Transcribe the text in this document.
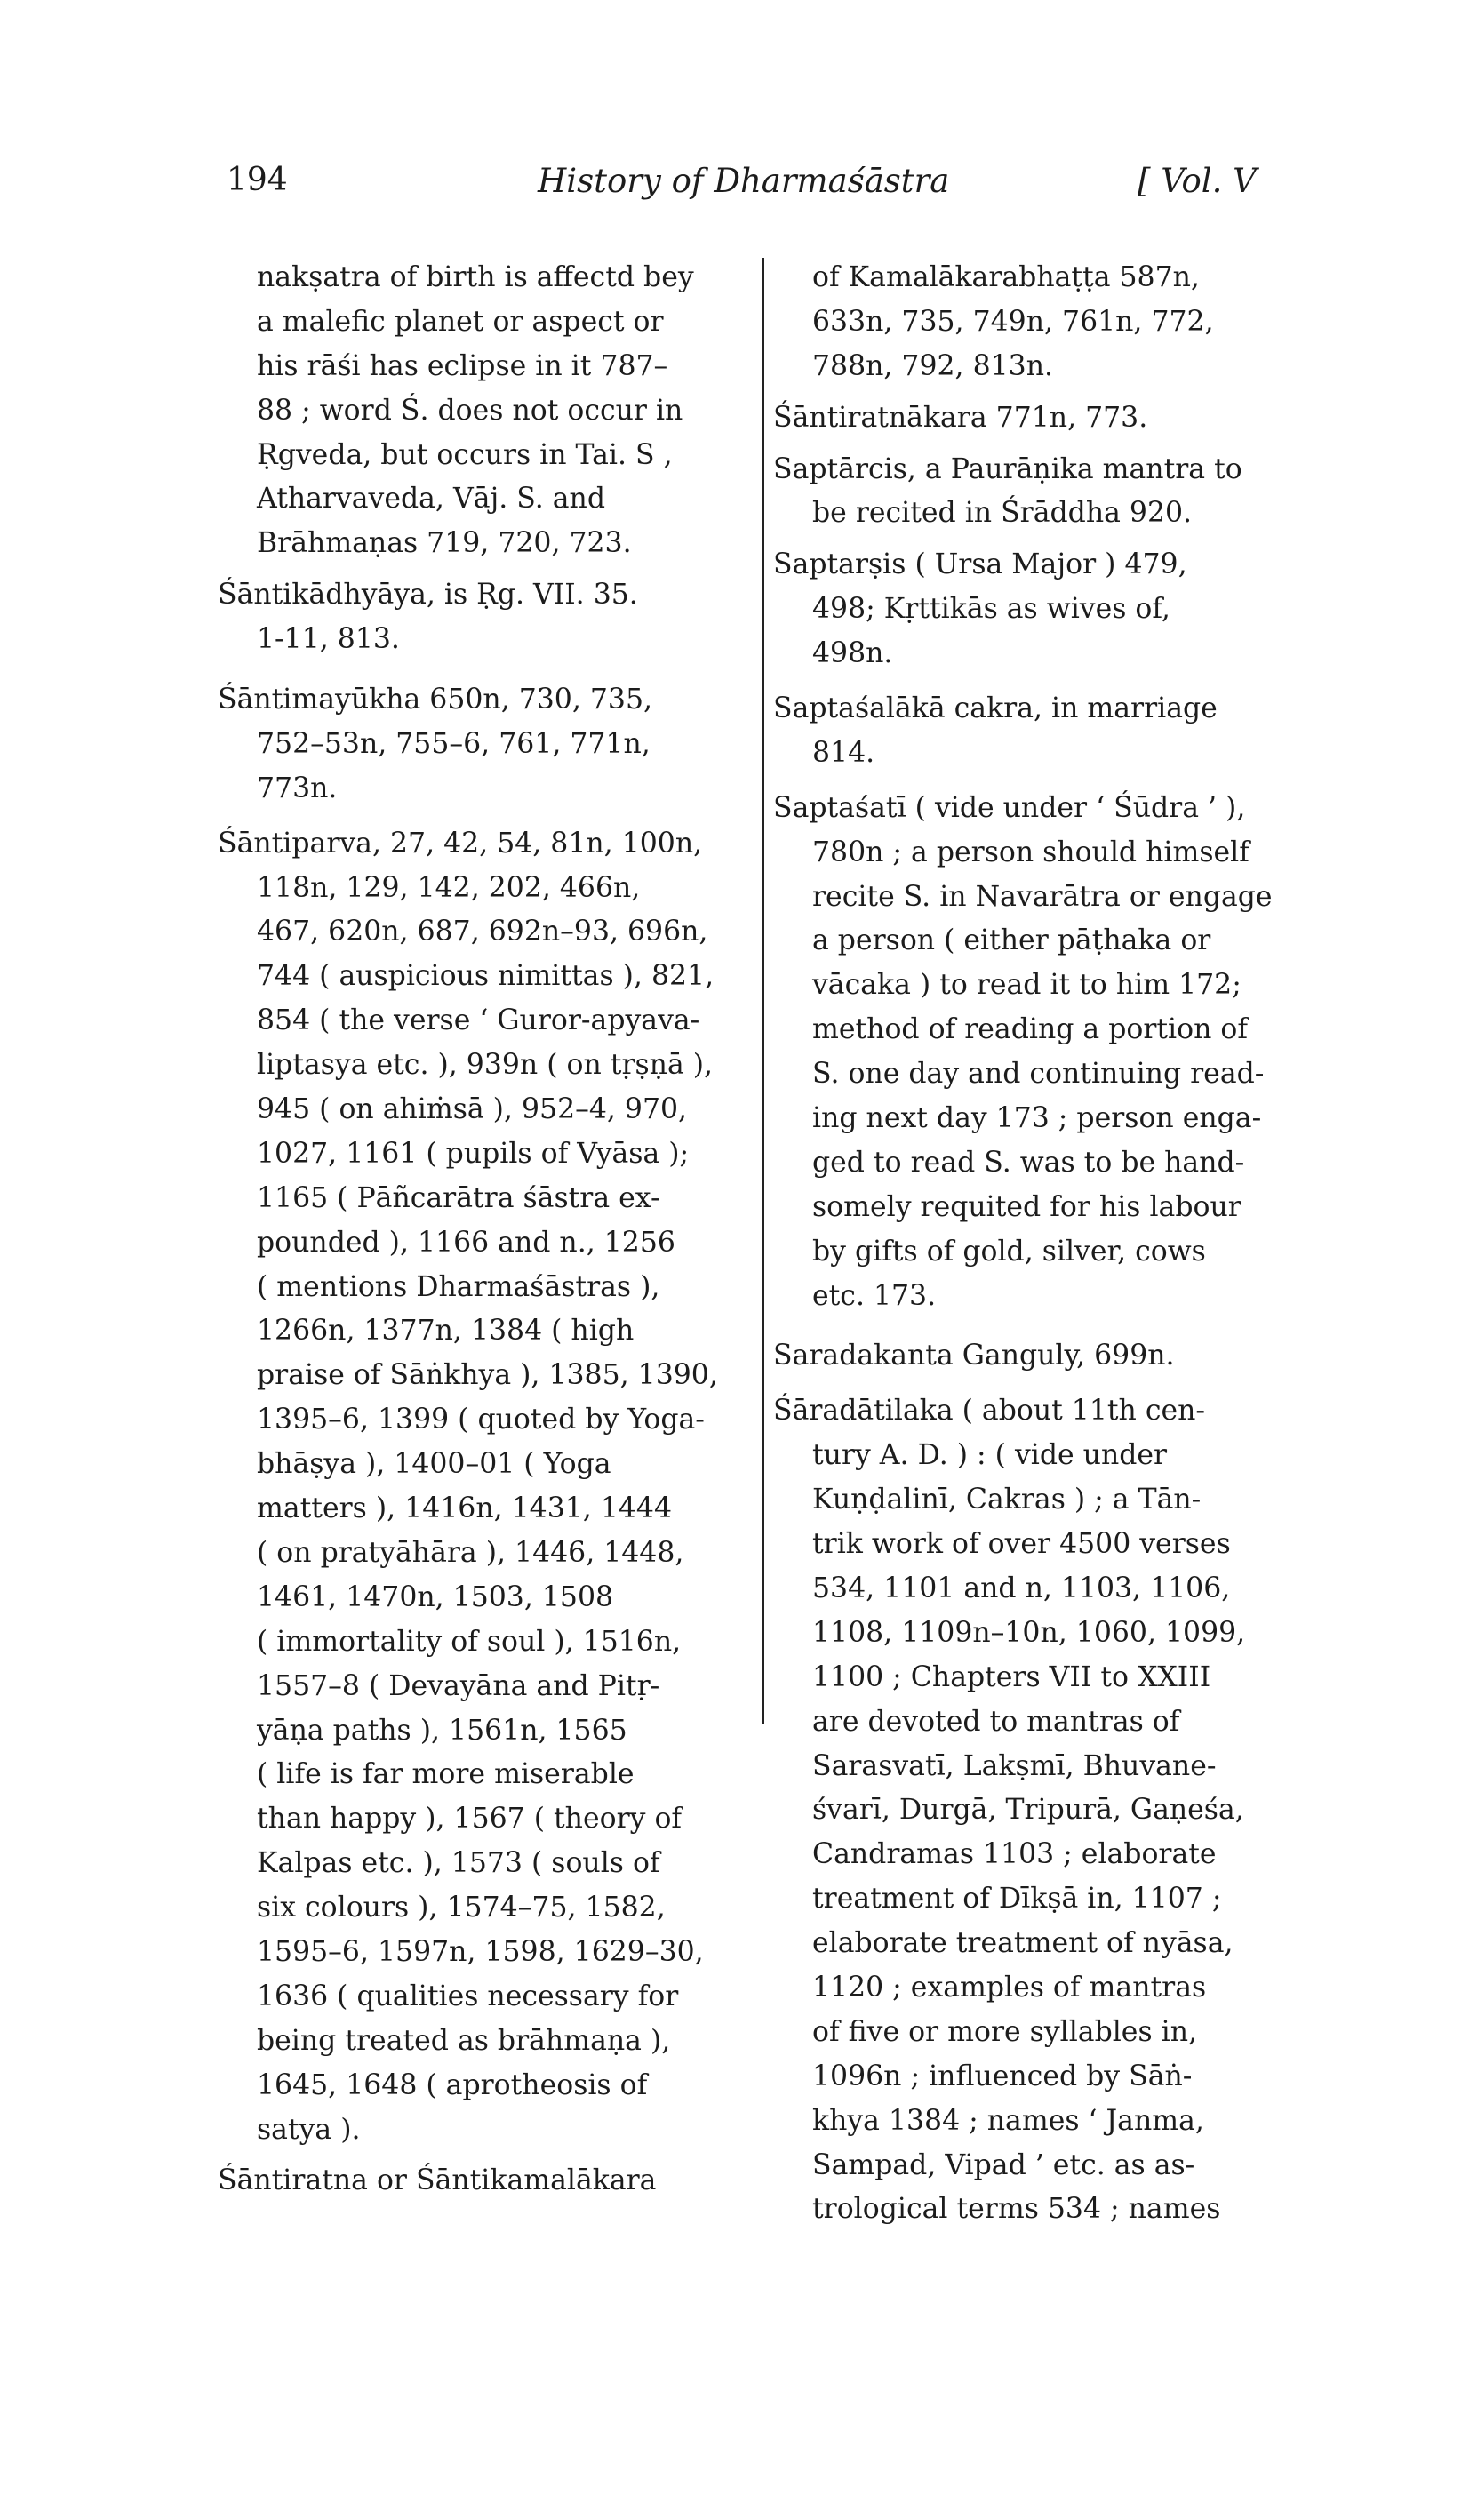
194	History of Dharmaśāstra	[ Vol. V
nakṣatra of birth is affectd bey
a malefic planet or aspect or
his rāśi has eclipse in it 787–
88 ; word Ś. does not occur in
Ṛgveda, but occurs in Tai. S ,
Atharvaveda, Vāj. S. and
Brāhmaṇas 719, 720, 723.
Śāntikādhyāya, is Ṛg. VII. 35.
1-11, 813.
Śāntimayūkha 650n, 730, 735,
752–53n, 755–6, 761, 771n,
773n.
Śāntiparva, 27, 42, 54, 81n, 100n,
118n, 129, 142, 202, 466n,
467, 620n, 687, 692n–93, 696n,
744 ( auspicious nimittas ), 821,
854 ( the verse ‘ Guror-apyava-
liptasya etc. ), 939n ( on tṛṣṇā ),
945 ( on ahiṁsā ), 952–4, 970,
1027, 1161 ( pupils of Vyāsa );
1165 ( Pāñcarātra śāstra ex-
pounded ), 1166 and n., 1256
( mentions Dharmaśāstras ),
1266n, 1377n, 1384 ( high
praise of Sāṅkhya ), 1385, 1390,
1395–6, 1399 ( quoted by Yoga-
bhāṣya ), 1400–01 ( Yoga
matters ), 1416n, 1431, 1444
( on pratyāhāra ), 1446, 1448,
1461, 1470n, 1503, 1508
( immortality of soul ), 1516n,
1557–8 ( Devayāna and Pitṛ-
yāṇa paths ), 1561n, 1565
( life is far more miserable
than happy ), 1567 ( theory of
Kalpas etc. ), 1573 ( souls of
six colours ), 1574–75, 1582,
1595–6, 1597n, 1598, 1629–30,
1636 ( qualities necessary for
being treated as brāhmaṇa ),
1645, 1648 ( aprotheosis of
satya ).
Śāntiratna or Śāntikamalākara
of Kamalākarabhaṭṭa 587n,
633n, 735, 749n, 761n, 772,
788n, 792, 813n.
Śāntiratnākara 771n, 773.
Saptārcis, a Paurāṇika mantra to
be recited in Śrāddha 920.
Saptarṣis ( Ursa Major ) 479,
498; Kṛttikās as wives of,
498n.
Saptaśalākā cakra, in marriage
814.
Saptaśatī ( vide under ‘ Śūdra ’ ),
780n ; a person should himself
recite S. in Navarātra or engage
a person ( either pāṭhaka or
vācaka ) to read it to him 172;
method of reading a portion of
S. one day and continuing read-
ing next day 173 ; person enga-
ged to read S. was to be hand-
somely requited for his labour
by gifts of gold, silver, cows
etc. 173.
Saradakanta Ganguly, 699n.
Śāradātilaka ( about 11th cen-
tury A. D. ) : ( vide under
Kuṇḍalinī, Cakras ) ; a Tān-
trik work of over 4500 verses
534, 1101 and n, 1103, 1106,
1108, 1109n–10n, 1060, 1099,
1100 ; Chapters VII to XXIII
are devoted to mantras of
Sarasvatī, Lakṣmī, Bhuvane-
śvarī, Durgā, Tripurā, Gaṇeśa,
Candramas 1103 ; elaborate
treatment of Dīkṣā in, 1107 ;
elaborate treatment of nyāsa,
1120 ; examples of mantras
of five or more syllables in,
1096n ; influenced by Sāṅ-
khya 1384 ; names ‘ Janma,
Sampad, Vipad ’ etc. as as-
trological terms 534 ; names
